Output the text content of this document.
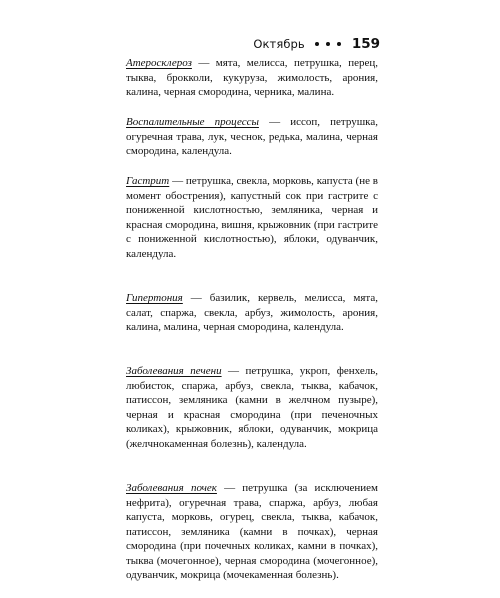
Октябрь	159

Атеросклероз — мята, мелисса, петрушка, перец, тыква, брокколи, кукуруза, жимолость, арония, калина, черная смородина, черника, малина.

Воспалительные процессы — иссоп, петрушка, огуречная трава, лук, чеснок, редька, малина, черная смородина, календула.

Гастрит — петрушка, свекла, морковь, капуста (не в момент обострения), капустный сок при гастрите с пониженной кислотностью, земляника, черная и красная смородина, вишня, крыжовник (при гастрите с пониженной кислотностью), яблоки, одуванчик, календула.

Гипертония — базилик, кервель, мелисса, мята, салат, спаржа, свекла, арбуз, жимолость, арония, калина, малина, черная смородина, календула.

Заболевания печени — петрушка, укроп, фенхель, любисток, спаржа, арбуз, свекла, тыква, кабачок, патиссон, земляника (камни в желчном пузыре), черная и красная смородина (при печеночных коликах), крыжовник, яблоки, одуванчик, мокрица (желчнокаменная болезнь), календула.

Заболевания почек — петрушка (за исключением нефрита), огуречная трава, спаржа, арбуз, любая капуста, морковь, огурец, свекла, тыква, кабачок, патиссон, земляника (камни в почках), черная смородина (при почечных коликах, камни в почках), тыква (мочегонное), черная смородина (мочегонное), одуванчик, мокрица (мочекаменная болезнь).
